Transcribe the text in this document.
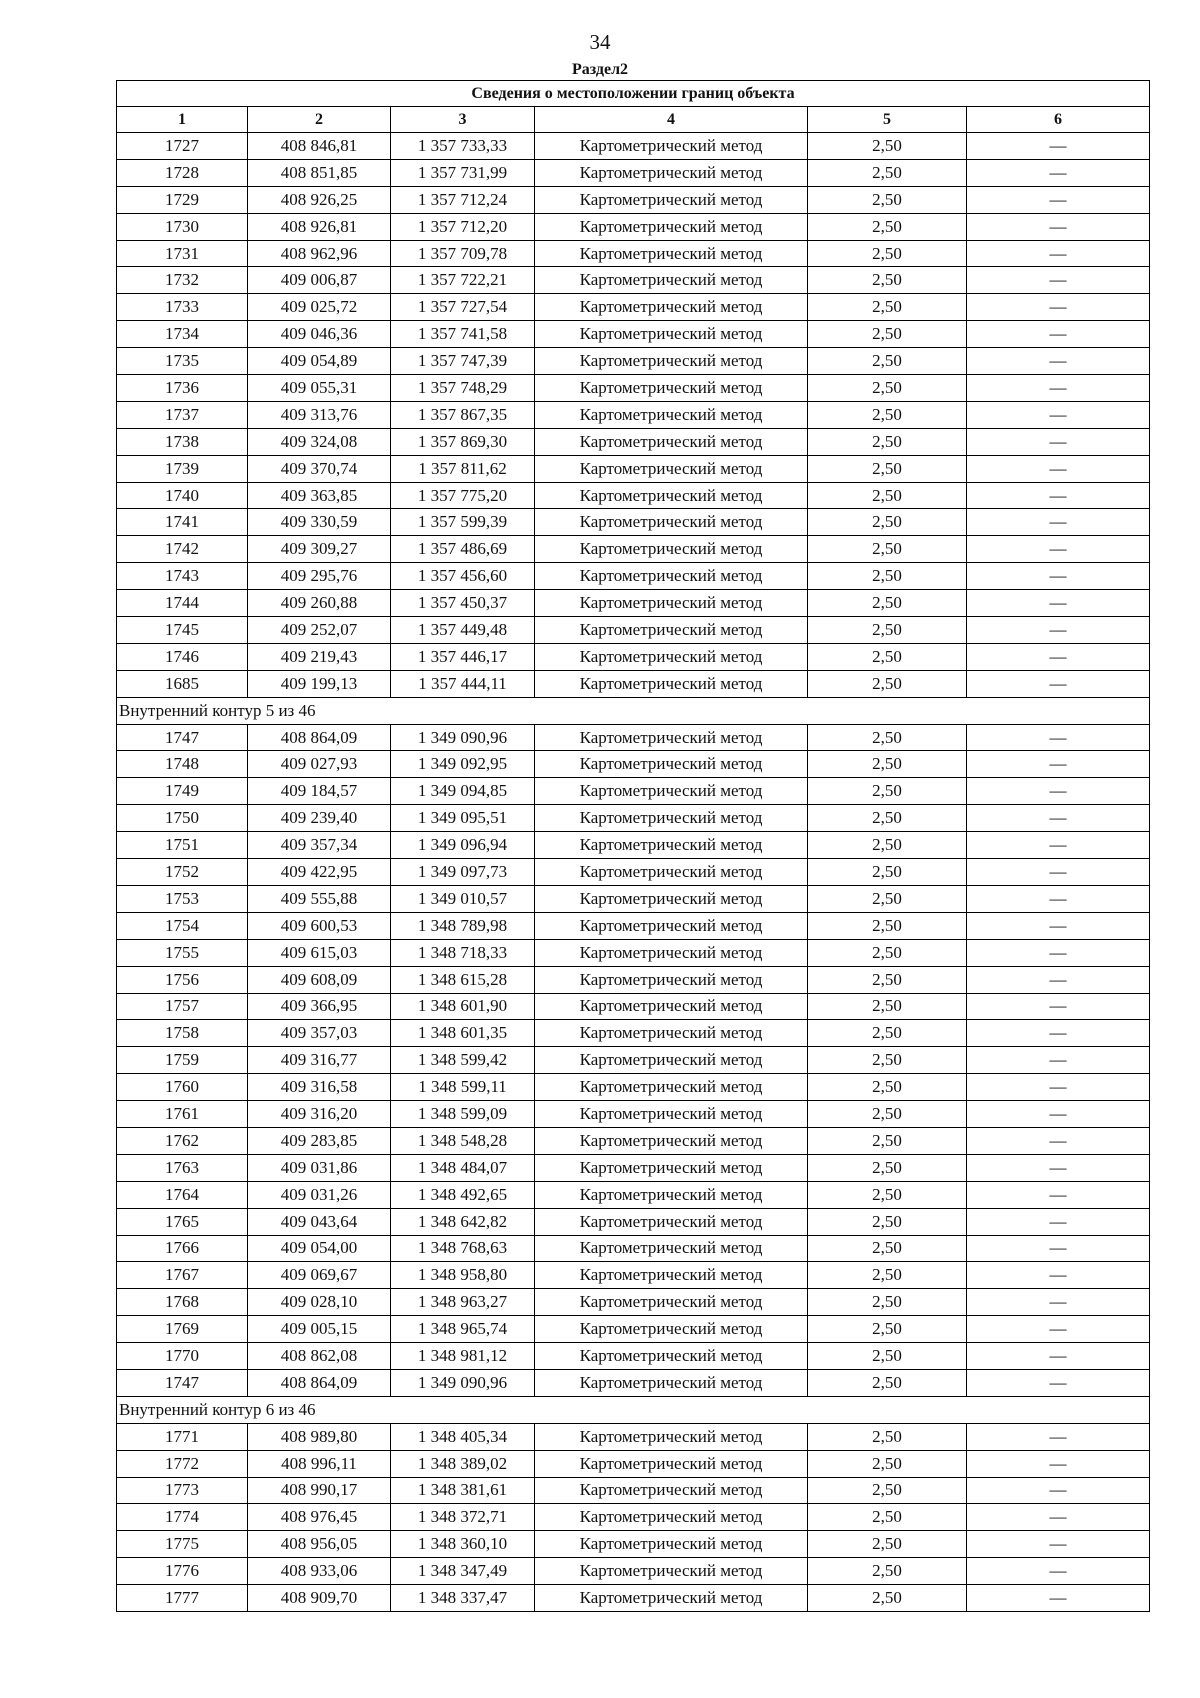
34
Раздел2
Сведения о местоположении границ объекта					
1	2	3	4	5	6
1727	408 846,81	1 357 733,33	Картометрический метод	2,50	—
1728	408 851,85	1 357 731,99	Картометрический метод	2,50	—
1729	408 926,25	1 357 712,24	Картометрический метод	2,50	—
1730	408 926,81	1 357 712,20	Картометрический метод	2,50	—
1731	408 962,96	1 357 709,78	Картометрический метод	2,50	—
1732	409 006,87	1 357 722,21	Картометрический метод	2,50	—
1733	409 025,72	1 357 727,54	Картометрический метод	2,50	—
1734	409 046,36	1 357 741,58	Картометрический метод	2,50	—
1735	409 054,89	1 357 747,39	Картометрический метод	2,50	—
1736	409 055,31	1 357 748,29	Картометрический метод	2,50	—
1737	409 313,76	1 357 867,35	Картометрический метод	2,50	—
1738	409 324,08	1 357 869,30	Картометрический метод	2,50	—
1739	409 370,74	1 357 811,62	Картометрический метод	2,50	—
1740	409 363,85	1 357 775,20	Картометрический метод	2,50	—
1741	409 330,59	1 357 599,39	Картометрический метод	2,50	—
1742	409 309,27	1 357 486,69	Картометрический метод	2,50	—
1743	409 295,76	1 357 456,60	Картометрический метод	2,50	—
1744	409 260,88	1 357 450,37	Картометрический метод	2,50	—
1745	409 252,07	1 357 449,48	Картометрический метод	2,50	—
1746	409 219,43	1 357 446,17	Картометрический метод	2,50	—
1685	409 199,13	1 357 444,11	Картометрический метод	2,50	—
Внутренний контур 5 из 46					
1747	408 864,09	1 349 090,96	Картометрический метод	2,50	—
1748	409 027,93	1 349 092,95	Картометрический метод	2,50	—
1749	409 184,57	1 349 094,85	Картометрический метод	2,50	—
1750	409 239,40	1 349 095,51	Картометрический метод	2,50	—
1751	409 357,34	1 349 096,94	Картометрический метод	2,50	—
1752	409 422,95	1 349 097,73	Картометрический метод	2,50	—
1753	409 555,88	1 349 010,57	Картометрический метод	2,50	—
1754	409 600,53	1 348 789,98	Картометрический метод	2,50	—
1755	409 615,03	1 348 718,33	Картометрический метод	2,50	—
1756	409 608,09	1 348 615,28	Картометрический метод	2,50	—
1757	409 366,95	1 348 601,90	Картометрический метод	2,50	—
1758	409 357,03	1 348 601,35	Картометрический метод	2,50	—
1759	409 316,77	1 348 599,42	Картометрический метод	2,50	—
1760	409 316,58	1 348 599,11	Картометрический метод	2,50	—
1761	409 316,20	1 348 599,09	Картометрический метод	2,50	—
1762	409 283,85	1 348 548,28	Картометрический метод	2,50	—
1763	409 031,86	1 348 484,07	Картометрический метод	2,50	—
1764	409 031,26	1 348 492,65	Картометрический метод	2,50	—
1765	409 043,64	1 348 642,82	Картометрический метод	2,50	—
1766	409 054,00	1 348 768,63	Картометрический метод	2,50	—
1767	409 069,67	1 348 958,80	Картометрический метод	2,50	—
1768	409 028,10	1 348 963,27	Картометрический метод	2,50	—
1769	409 005,15	1 348 965,74	Картометрический метод	2,50	—
1770	408 862,08	1 348 981,12	Картометрический метод	2,50	—
1747	408 864,09	1 349 090,96	Картометрический метод	2,50	—
Внутренний контур 6 из 46					
1771	408 989,80	1 348 405,34	Картометрический метод	2,50	—
1772	408 996,11	1 348 389,02	Картометрический метод	2,50	—
1773	408 990,17	1 348 381,61	Картометрический метод	2,50	—
1774	408 976,45	1 348 372,71	Картометрический метод	2,50	—
1775	408 956,05	1 348 360,10	Картометрический метод	2,50	—
1776	408 933,06	1 348 347,49	Картометрический метод	2,50	—
1777	408 909,70	1 348 337,47	Картометрический метод	2,50	—
